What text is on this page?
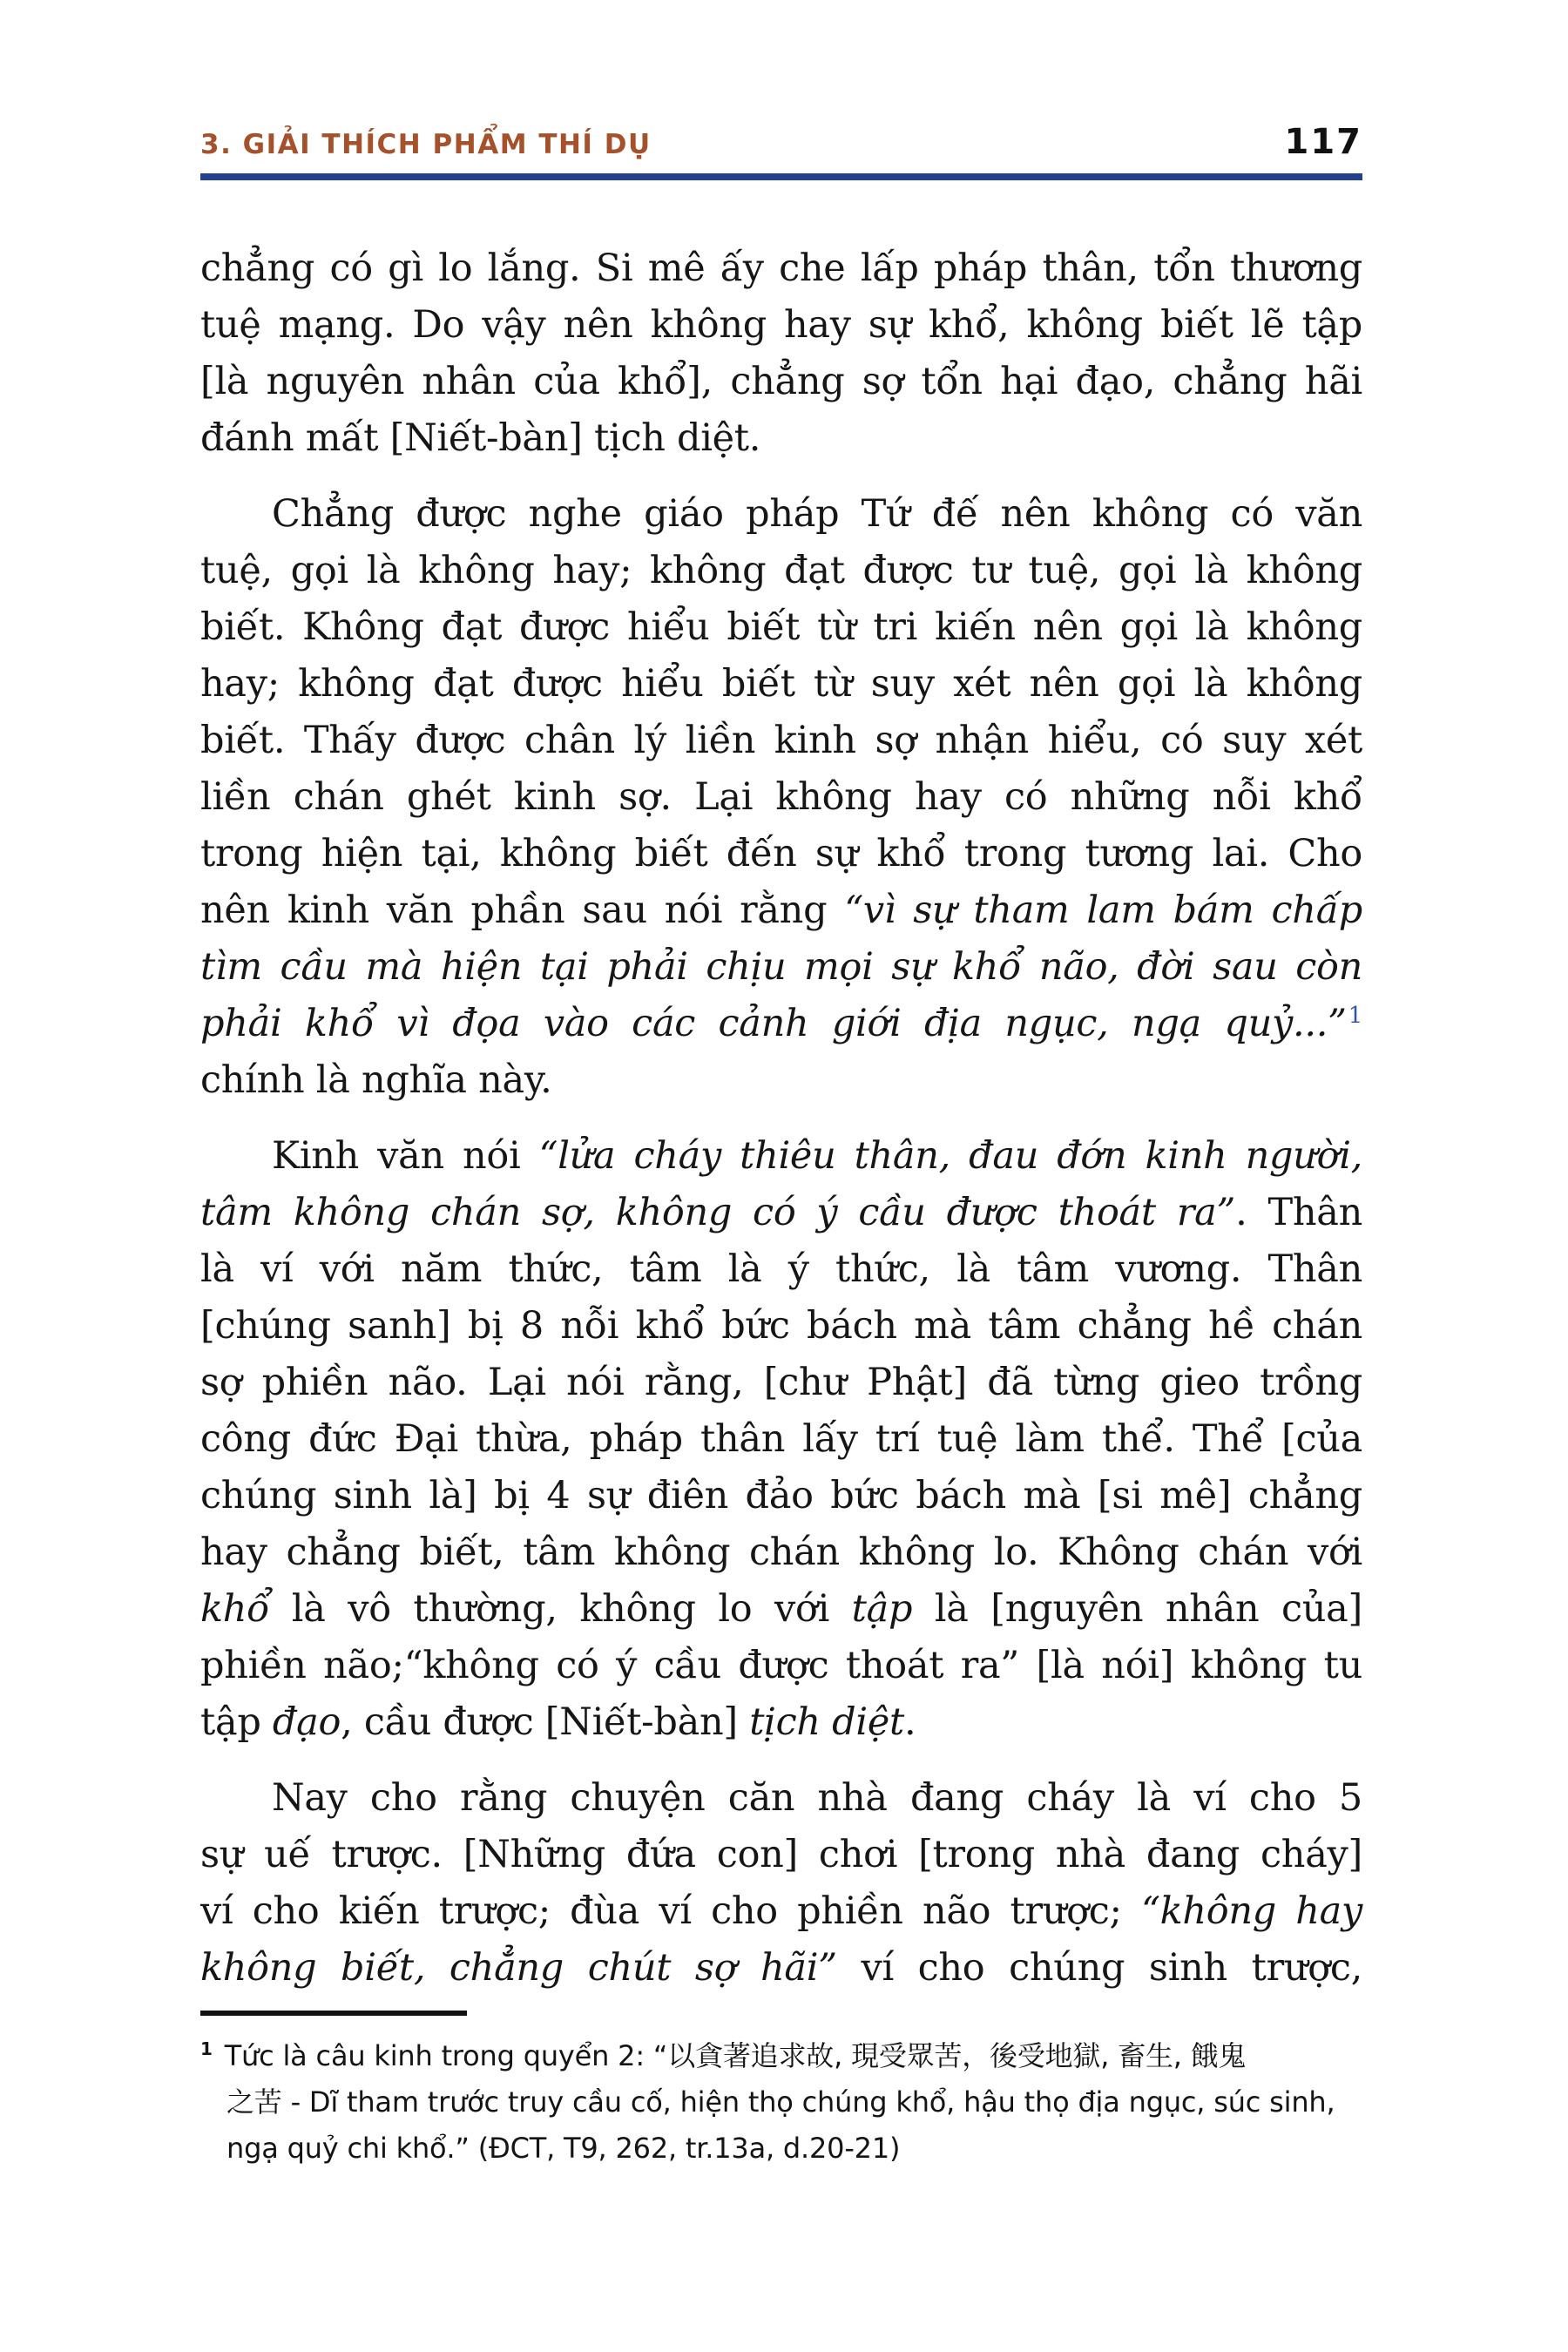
3. GIẢI THÍCH PHẨM THÍ DỤ	117
chẳng có gì lo lắng. Si mê ấy che lấp pháp thân, tổn thương
tuệ mạng. Do vậy nên không hay sự khổ, không biết lẽ tập
[là nguyên nhân của khổ], chẳng sợ tổn hại đạo, chẳng hãi
đánh mất [Niết-bàn] tịch diệt.
Chẳng được nghe giáo pháp Tứ đế nên không có văn
tuệ, gọi là không hay; không đạt được tư tuệ, gọi là không
biết. Không đạt được hiểu biết từ tri kiến nên gọi là không
hay; không đạt được hiểu biết từ suy xét nên gọi là không
biết. Thấy được chân lý liền kinh sợ nhận hiểu, có suy xét
liền chán ghét kinh sợ. Lại không hay có những nỗi khổ
trong hiện tại, không biết đến sự khổ trong tương lai. Cho
nên kinh văn phần sau nói rằng “vì sự tham lam bám chấp
tìm cầu mà hiện tại phải chịu mọi sự khổ não, đời sau còn
phải khổ vì đọa vào các cảnh giới địa ngục, ngạ quỷ...”$^1$
chính là nghĩa này.
Kinh văn nói “lửa cháy thiêu thân, đau đớn kinh người,
tâm không chán sợ, không có ý cầu được thoát ra”. Thân
là ví với năm thức, tâm là ý thức, là tâm vương. Thân
[chúng sanh] bị 8 nỗi khổ bức bách mà tâm chẳng hề chán
sợ phiền não. Lại nói rằng, [chư Phật] đã từng gieo trồng
công đức Đại thừa, pháp thân lấy trí tuệ làm thể. Thể [của
chúng sinh là] bị 4 sự điên đảo bức bách mà [si mê] chẳng
hay chẳng biết, tâm không chán không lo. Không chán với
khổ là vô thường, không lo với tập là [nguyên nhân của]
phiền não;“không có ý cầu được thoát ra” [là nói] không tu
tập đạo, cầu được [Niết-bàn] tịch diệt.
Nay cho rằng chuyện căn nhà đang cháy là ví cho 5
sự uế trược. [Những đứa con] chơi [trong nhà đang cháy]
ví cho kiến trược; đùa ví cho phiền não trược; “không hay
không biết, chẳng chút sợ hãi” ví cho chúng sinh trược,
$^1$ Tức là câu kinh trong quyển 2: “以貪著追求故, 現受眾苦，後受地獄, 畜生, 餓鬼
之苦 - Dĩ tham trước truy cầu cố, hiện thọ chúng khổ, hậu thọ địa ngục, súc sinh,
ngạ quỷ chi khổ.” (ĐCT, T9, 262, tr.13a, d.20-21)
